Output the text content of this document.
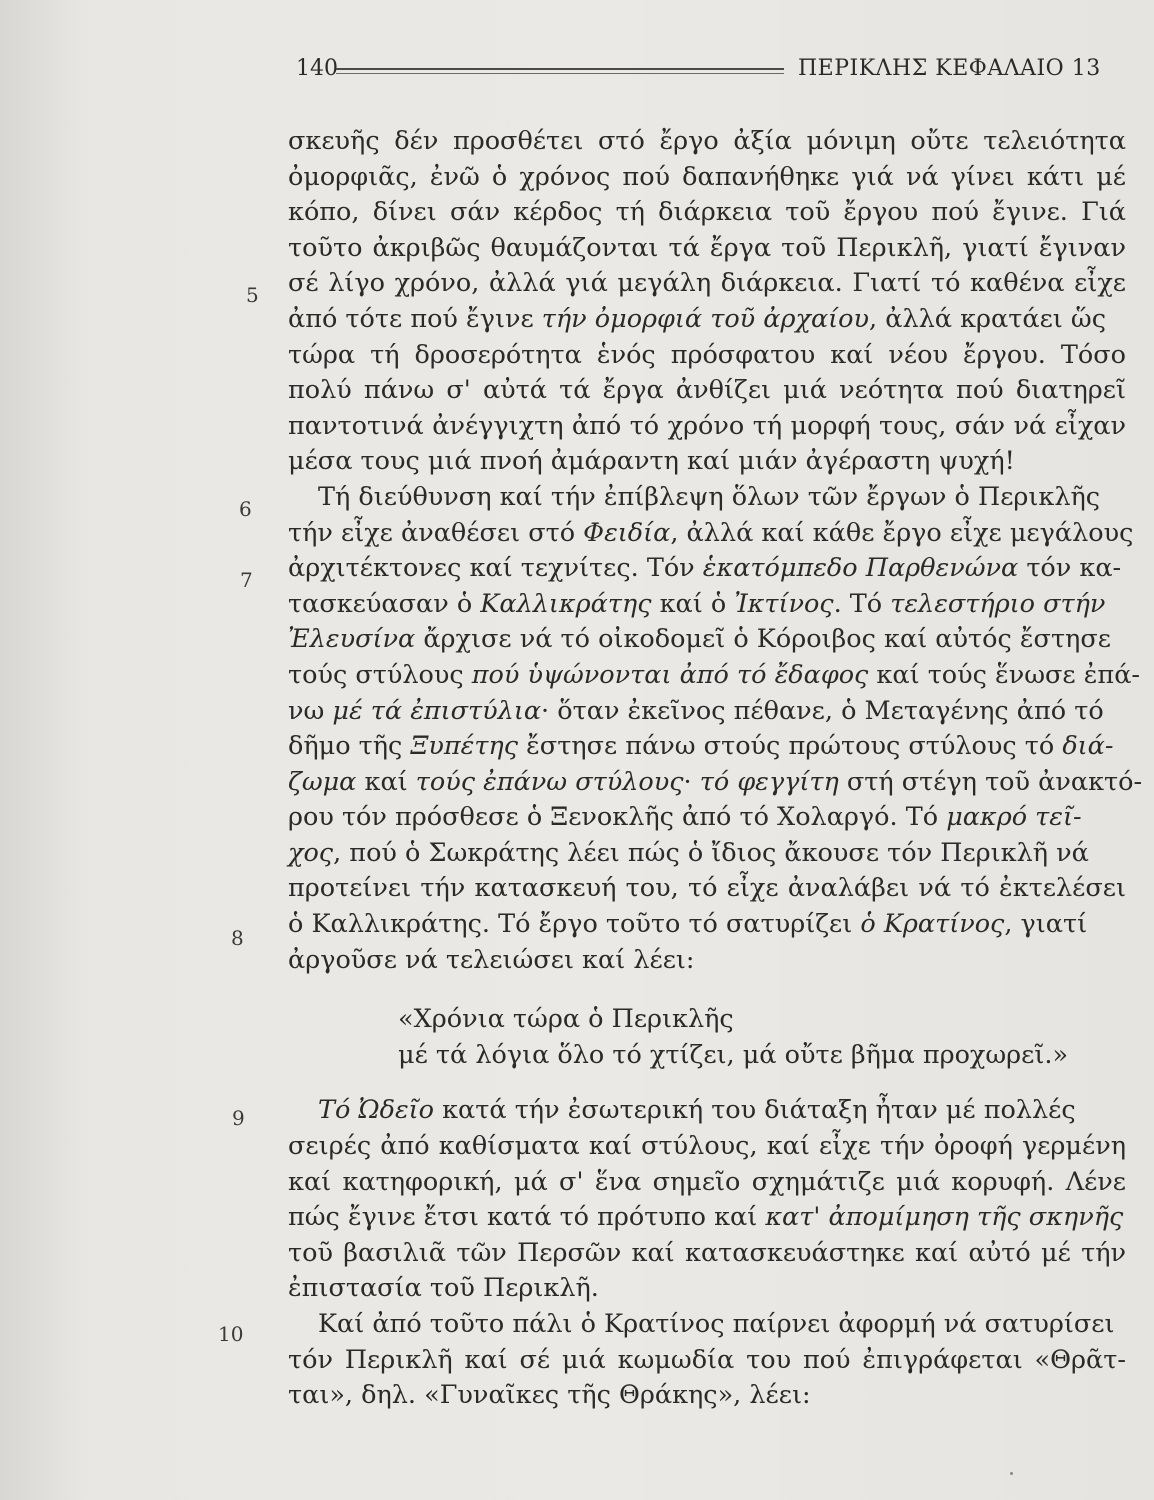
140	ΠΕΡΙΚΛΗΣ ΚΕΦΑΛΑΙΟ 13
5
6
7
8
9
10
σκευῆς δέν προσθέτει στό ἔργο ἀξία μόνιμη οὔτε τελειότητα
ὀμορφιᾶς, ἐνῶ ὁ χρόνος πού δαπανήθηκε γιά νά γίνει κάτι μέ
κόπο, δίνει σάν κέρδος τή διάρκεια τοῦ ἔργου πού ἔγινε. Γιά
τοῦτο ἀκριβῶς θαυμάζονται τά ἔργα τοῦ Περικλῆ, γιατί ἔγιναν
σέ λίγο χρόνο, ἀλλά γιά μεγάλη διάρκεια. Γιατί τό καθένα εἶχε
ἀπό τότε πού ἔγινε τήν ὀμορφιά τοῦ ἀρχαίου, ἀλλά κρατάει ὥς
τώρα τή δροσερότητα ἑνός πρόσφατου καί νέου ἔργου. Τόσο
πολύ πάνω σ' αὐτά τά ἔργα ἀνθίζει μιά νεότητα πού διατηρεῖ
παντοτινά ἀνέγγιχτη ἀπό τό χρόνο τή μορφή τους, σάν νά εἶχαν
μέσα τους μιά πνοή ἀμάραντη καί μιάν ἀγέραστη ψυχή!
Τή διεύθυνση καί τήν ἐπίβλεψη ὅλων τῶν ἔργων ὁ Περικλῆς
τήν εἶχε ἀναθέσει στό Φειδία, ἀλλά καί κάθε ἔργο εἶχε μεγάλους
ἀρχιτέκτονες καί τεχνίτες. Τόν ἑκατόμπεδο Παρθενώνα τόν κα-
τασκεύασαν ὁ Καλλικράτης καί ὁ Ἰκτίνος. Τό τελεστήριο στήν
Ἐλευσίνα ἄρχισε νά τό οἰκοδομεῖ ὁ Κόροιβος καί αὐτός ἔστησε
τούς στύλους πού ὑψώνονται ἀπό τό ἔδαφος καί τούς ἕνωσε ἐπά-
νω μέ τά ἐπιστύλια· ὅταν ἐκεῖνος πέθανε, ὁ Μεταγένης ἀπό τό
δῆμο τῆς Ξυπέτης ἔστησε πάνω στούς πρώτους στύλους τό διά-
ζωμα καί τούς ἐπάνω στύλους· τό φεγγίτη στή στέγη τοῦ ἀνακτό-
ρου τόν πρόσθεσε ὁ Ξενοκλῆς ἀπό τό Χολαργό. Τό μακρό τεῖ-
χος, πού ὁ Σωκράτης λέει πώς ὁ ἴδιος ἄκουσε τόν Περικλῆ νά
προτείνει τήν κατασκευή του, τό εἶχε ἀναλάβει νά τό ἐκτελέσει
ὁ Καλλικράτης. Τό ἔργο τοῦτο τό σατυρίζει ὁ Κρατίνος, γιατί
ἀργοῦσε νά τελειώσει καί λέει:
«Χρόνια τώρα ὁ Περικλῆς
μέ τά λόγια ὅλο τό χτίζει, μά οὔτε βῆμα προχωρεῖ.»
Τό Ὠδεῖο κατά τήν ἐσωτερική του διάταξη ἦταν μέ πολλές
σειρές ἀπό καθίσματα καί στύλους, καί εἶχε τήν ὀροφή γερμένη
καί κατηφορική, μά σ' ἕνα σημεῖο σχημάτιζε μιά κορυφή. Λένε
πώς ἔγινε ἔτσι κατά τό πρότυπο καί κατ' ἀπομίμηση τῆς σκηνῆς
τοῦ βασιλιᾶ τῶν Περσῶν καί κατασκευάστηκε καί αὐτό μέ τήν
ἐπιστασία τοῦ Περικλῆ.
Καί ἀπό τοῦτο πάλι ὁ Κρατίνος παίρνει ἀφορμή νά σατυρίσει
τόν Περικλῆ καί σέ μιά κωμωδία του πού ἐπιγράφεται «Θρᾶτ-
ται», δηλ. «Γυναῖκες τῆς Θράκης», λέει:
